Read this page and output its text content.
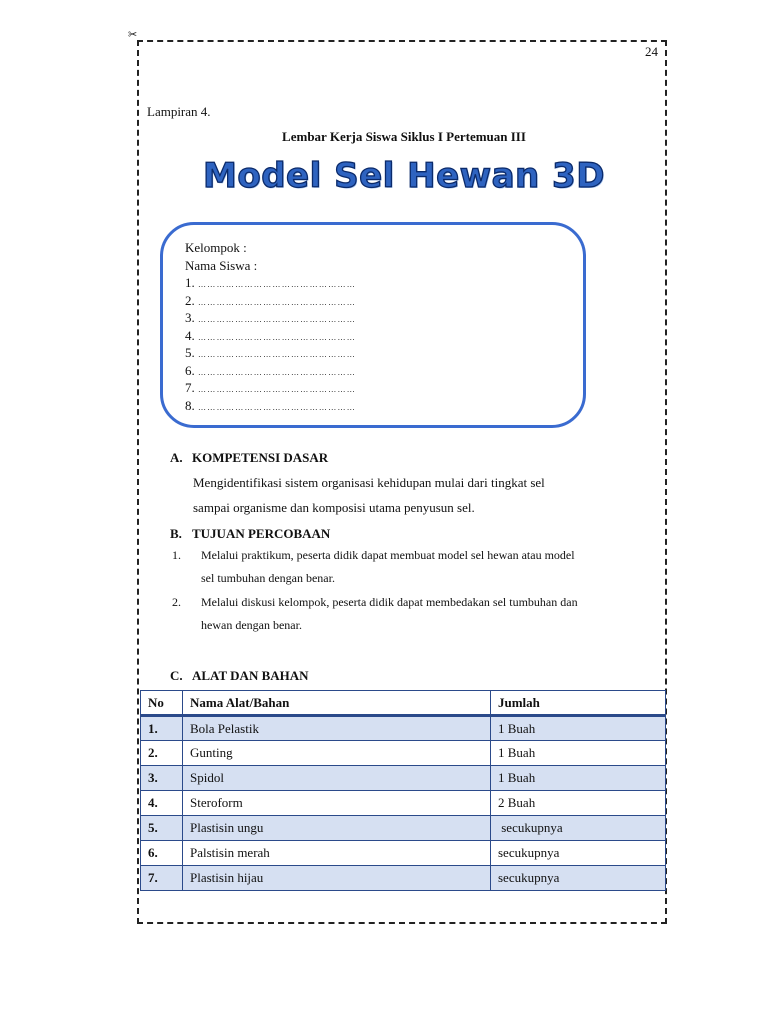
✂
24
Lampiran 4.
Lembar Kerja Siswa Siklus I Pertemuan III
Model Sel Hewan 3D
Kelompok :
Nama Siswa :
1. ……………………………………………
2. ……………………………………………
3. ……………………………………………
4. ……………………………………………
5. ……………………………………………
6. ……………………………………………
7. ……………………………………………
8. ……………………………………………
A. KOMPETENSI DASAR
Mengidentifikasi sistem organisasi kehidupan mulai dari tingkat sel
sampai organisme dan komposisi utama penyusun sel.
B. TUJUAN PERCOBAAN
1. Melalui praktikum, peserta didik dapat membuat model sel hewan atau model
sel tumbuhan dengan benar.
2. Melalui diskusi kelompok, peserta didik dapat membedakan sel tumbuhan dan
hewan dengan benar.
C. ALAT DAN BAHAN
No	Nama Alat/Bahan	Jumlah
1.	Bola Pelastik	1 Buah
2.	Gunting	1 Buah
3.	Spidol	1 Buah
4.	Steroform	2 Buah
5.	Plastisin ungu	secukupnya
6.	Palstisin merah	secukupnya
7.	Plastisin hijau	secukupnya
